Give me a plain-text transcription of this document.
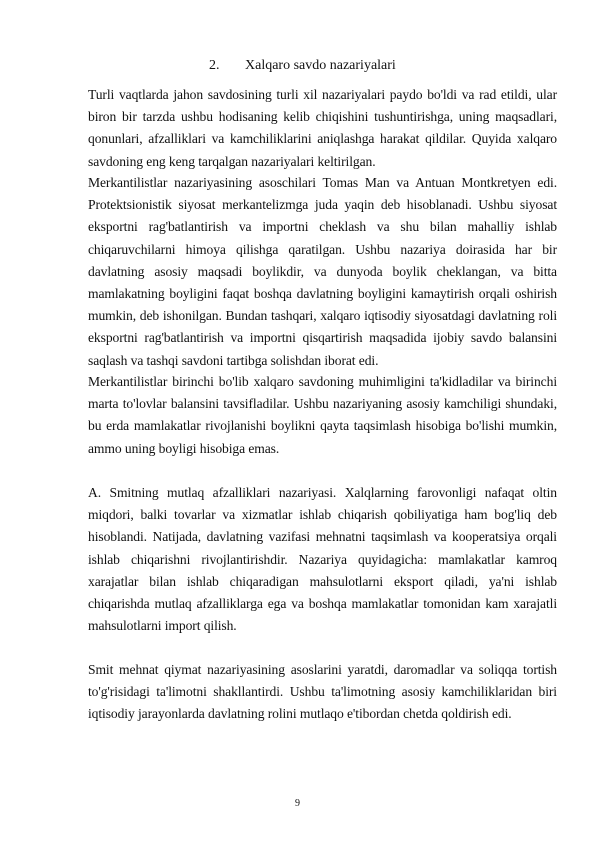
2. Xalqaro savdo nazariyalari

Turli vaqtlarda jahon savdosining turli xil nazariyalari paydo bo'ldi va rad etildi, ular biron bir tarzda ushbu hodisaning kelib chiqishini tushuntirishga, uning maqsadlari, qonunlari, afzalliklari va kamchiliklarini aniqlashga harakat qildilar. Quyida xalqaro savdoning eng keng tarqalgan nazariyalari keltirilgan.

Merkantilistlar nazariyasining asoschilari Tomas Man va Antuan Montkretyen edi. Protektsionistik siyosat merkantelizmga juda yaqin deb hisoblanadi. Ushbu siyosat eksportni rag'batlantirish va importni cheklash va shu bilan mahalliy ishlab chiqaruvchilarni himoya qilishga qaratilgan. Ushbu nazariya doirasida har bir davlatning asosiy maqsadi boylikdir, va dunyoda boylik cheklangan, va bitta mamlakatning boyligini faqat boshqa davlatning boyligini kamaytirish orqali oshirish mumkin, deb ishonilgan. Bundan tashqari, xalqaro iqtisodiy siyosatdagi davlatning roli eksportni rag'batlantirish va importni qisqartirish maqsadida ijobiy savdo balansini saqlash va tashqi savdoni tartibga solishdan iborat edi.

Merkantilistlar birinchi bo'lib xalqaro savdoning muhimligini ta'kidladilar va birinchi marta to'lovlar balansini tavsifladilar. Ushbu nazariyaning asosiy kamchiligi shundaki, bu erda mamlakatlar rivojlanishi boylikni qayta taqsimlash hisobiga bo'lishi mumkin, ammo uning boyligi hisobiga emas.

A. Smitning mutlaq afzalliklari nazariyasi. Xalqlarning farovonligi nafaqat oltin miqdori, balki tovarlar va xizmatlar ishlab chiqarish qobiliyatiga ham bog'liq deb hisoblandi. Natijada, davlatning vazifasi mehnatni taqsimlash va kooperatsiya orqali ishlab chiqarishni rivojlantirishdir. Nazariya quyidagicha: mamlakatlar kamroq xarajatlar bilan ishlab chiqaradigan mahsulotlarni eksport qiladi, ya'ni ishlab chiqarishda mutlaq afzalliklarga ega va boshqa mamlakatlar tomonidan kam xarajatli mahsulotlarni import qilish.

Smit mehnat qiymat nazariyasining asoslarini yaratdi, daromadlar va soliqqa tortish to'g'risidagi ta'limotni shakllantirdi. Ushbu ta'limotning asosiy kamchiliklaridan biri iqtisodiy jarayonlarda davlatning rolini mutlaqo e'tibordan chetda qoldirish edi.

9
